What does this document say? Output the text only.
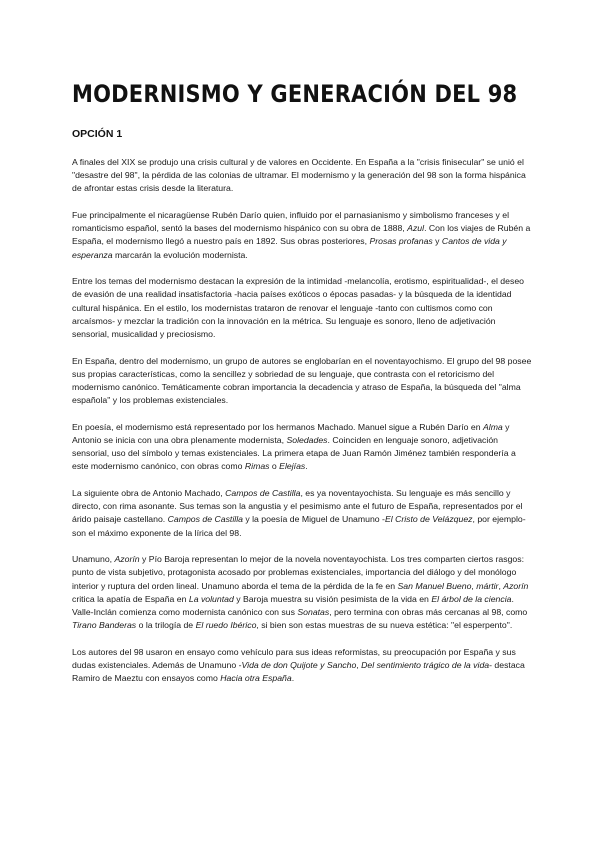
MODERNISMO Y GENERACIÓN DEL 98
OPCIÓN 1

A finales del XIX se produjo una crisis cultural y de valores en Occidente. En España a la "crisis finisecular" se unió el "desastre del 98", la pérdida de las colonias de ultramar. El modernismo y la generación del 98 son la forma hispánica de afrontar estas crisis desde la literatura.

Fue principalmente el nicaragüense Rubén Darío quien, influido por el parnasianismo y simbolismo franceses y el romanticismo español, sentó la bases del modernismo hispánico con su obra de 1888, Azul. Con los viajes de Rubén a España, el modernismo llegó a nuestro país en 1892. Sus obras posteriores, Prosas profanas y Cantos de vida y esperanza marcarán la evolución modernista.

Entre los temas del modernismo destacan la expresión de la intimidad -melancolía, erotismo, espiritualidad-, el deseo de evasión de una realidad insatisfactoria -hacia países exóticos o épocas pasadas- y la búsqueda de la identidad cultural hispánica. En el estilo, los modernistas trataron de renovar el lenguaje -tanto con cultismos como con arcaísmos- y mezclar la tradición con la innovación en la métrica. Su lenguaje es sonoro, lleno de adjetivación sensorial, musicalidad y preciosismo.

En España, dentro del modernismo, un grupo de autores se englobarían en el noventayochismo. El grupo del 98 posee sus propias características, como la sencillez y sobriedad de su lenguaje, que contrasta con el retoricismo del modernismo canónico. Temáticamente cobran importancia la decadencia y atraso de España, la búsqueda del "alma española" y los problemas existenciales.

En poesía, el modernismo está representado por los hermanos Machado. Manuel sigue a Rubén Darío en Alma y Antonio se inicia con una obra plenamente modernista, Soledades. Coinciden en lenguaje sonoro, adjetivación sensorial, uso del símbolo y temas existenciales. La primera etapa de Juan Ramón Jiménez también respondería a este modernismo canónico, con obras como Rimas o Elejías.

La siguiente obra de Antonio Machado, Campos de Castilla, es ya noventayochista. Su lenguaje es más sencillo y directo, con rima asonante. Sus temas son la angustia y el pesimismo ante el futuro de España, representados por el árido paisaje castellano. Campos de Castilla y la poesía de Miguel de Unamuno -El Cristo de Velázquez, por ejemplo- son el máximo exponente de la lírica del 98.

Unamuno, Azorín y Pío Baroja representan lo mejor de la novela noventayochista. Los tres comparten ciertos rasgos: punto de vista subjetivo, protagonista acosado por problemas existenciales, importancia del diálogo y del monólogo interior y ruptura del orden lineal. Unamuno aborda el tema de la pérdida de la fe en San Manuel Bueno, mártir, Azorín critica la apatía de España en La voluntad y Baroja muestra su visión pesimista de la vida en El árbol de la ciencia. Valle-Inclán comienza como modernista canónico con sus Sonatas, pero termina con obras más cercanas al 98, como Tirano Banderas o la trilogía de El ruedo Ibérico, si bien son estas muestras de su nueva estética: "el esperpento".

Los autores del 98 usaron en ensayo como vehículo para sus ideas reformistas, su preocupación por España y sus dudas existenciales. Además de Unamuno -Vida de don Quijote y Sancho, Del sentimiento trágico de la vida- destaca Ramiro de Maeztu con ensayos como Hacia otra España.
